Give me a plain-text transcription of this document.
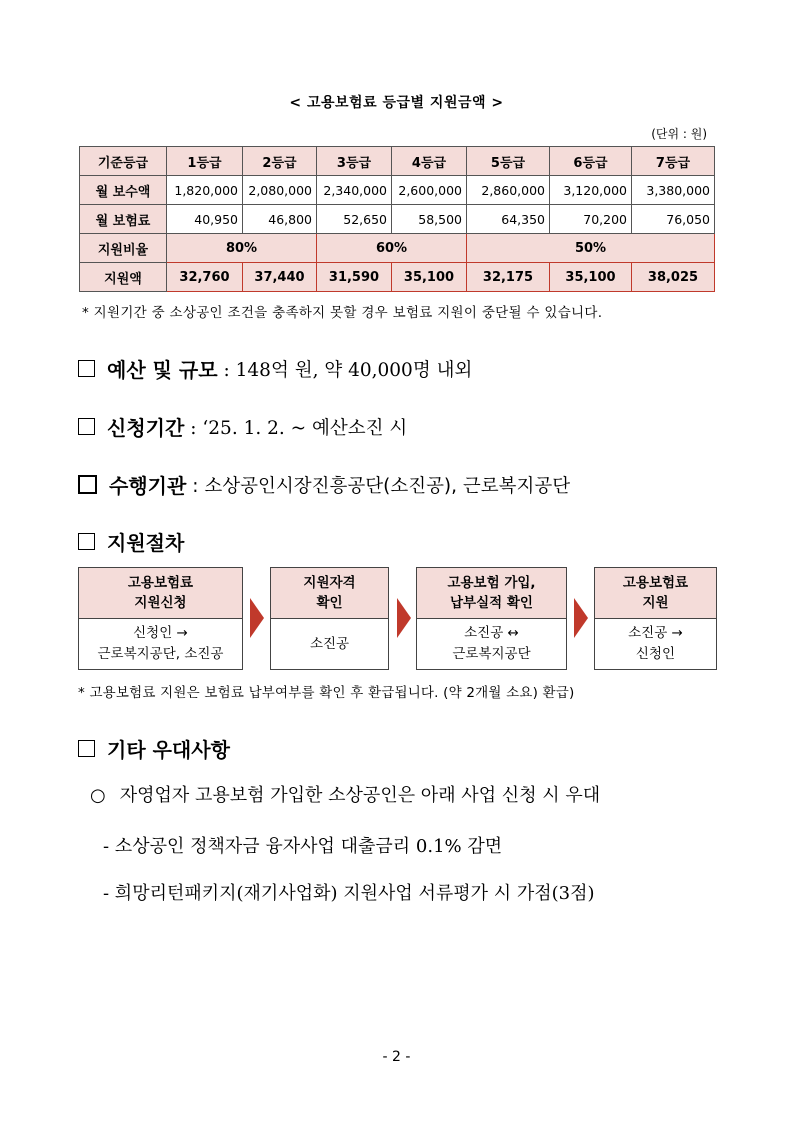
< 고용보험료 등급별 지원금액 >
(단위 : 원)
기준등급	1등급	2등급	3등급	4등급	5등급	6등급	7등급
월 보수액	1,820,000	2,080,000	2,340,000	2,600,000	2,860,000	3,120,000	3,380,000
월 보험료	40,950	46,800	52,650	58,500	64,350	70,200	76,050
지원비율	80%		60%		50%		
지원액	32,760	37,440	31,590	35,100	32,175	35,100	38,025
* 지원기간 중 소상공인 조건을 충족하지 못할 경우 보험료 지원이 중단될 수 있습니다.
예산 및 규모 : 148억 원, 약 40,000명 내외
신청기간 : ‘25. 1. 2. ~ 예산소진 시
수행기관 : 소상공인시장진흥공단(소진공), 근로복지공단
지원절차
고용보험료
지원신청
신청인 →
근로복지공단, 소진공
지원자격
확인
소진공
고용보험 가입,
납부실적 확인
소진공 ↔
근로복지공단
고용보험료
지원
소진공 →
신청인
* 고용보험료 지원은 보험료 납부여부를 확인 후 환급됩니다. (약 2개월 소요) 환급)
기타 우대사항
○ 자영업자 고용보험 가입한 소상공인은 아래 사업 신청 시 우대
- 소상공인 정책자금 융자사업 대출금리 0.1% 감면
- 희망리턴패키지(재기사업화) 지원사업 서류평가 시 가점(3점)
- 2 -
